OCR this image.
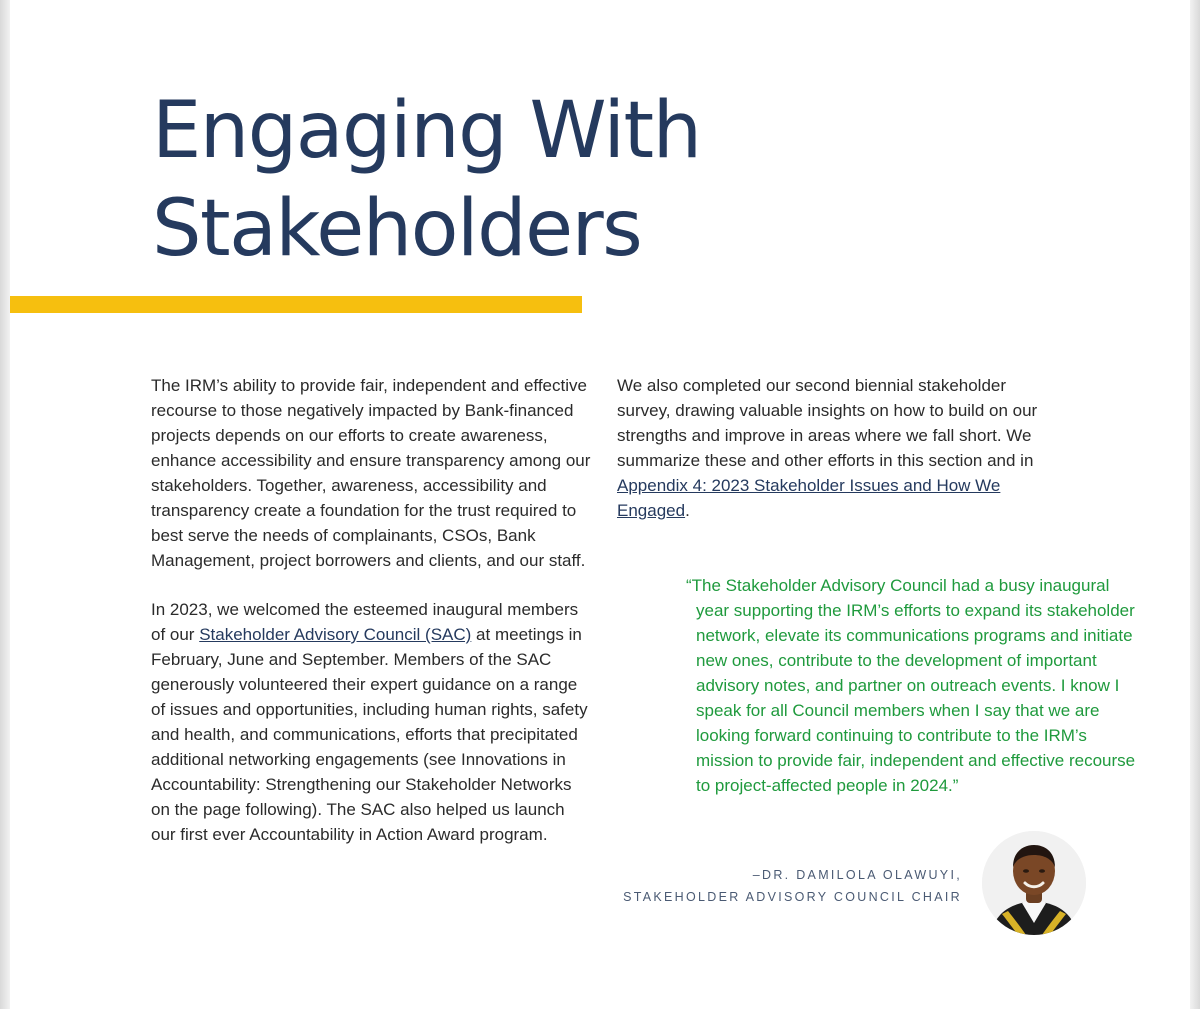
Engaging With
Stakeholders

The IRM’s ability to provide fair, independent and effective recourse to those negatively impacted by Bank-financed projects depends on our efforts to create awareness, enhance accessibility and ensure transparency among our stakeholders. Together, awareness, accessibility and transparency create a foundation for the trust required to best serve the needs of complainants, CSOs, Bank Management, project borrowers and clients, and our staff.

In 2023, we welcomed the esteemed inaugural members of our Stakeholder Advisory Council (SAC) at meetings in February, June and September. Members of the SAC generously volunteered their expert guidance on a range of issues and opportunities, including human rights, safety and health, and communications, efforts that precipitated additional networking engagements (see Innovations in Accountability: Strengthening our Stakeholder Networks on the page following). The SAC also helped us launch our first ever Accountability in Action Award program.

We also completed our second biennial stakeholder survey, drawing valuable insights on how to build on our strengths and improve in areas where we fall short. We summarize these and other efforts in this section and in Appendix 4: 2023 Stakeholder Issues and How We Engaged.

“The Stakeholder Advisory Council had a busy inaugural year supporting the IRM’s efforts to expand its stakeholder network, elevate its communications programs and initiate new ones, contribute to the development of important advisory notes, and partner on outreach events. I know I speak for all Council members when I say that we are looking forward continuing to contribute to the IRM’s mission to provide fair, independent and effective recourse to project-affected people in 2024.”

–DR. DAMILOLA OLAWUYI,
STAKEHOLDER ADVISORY COUNCIL CHAIR
